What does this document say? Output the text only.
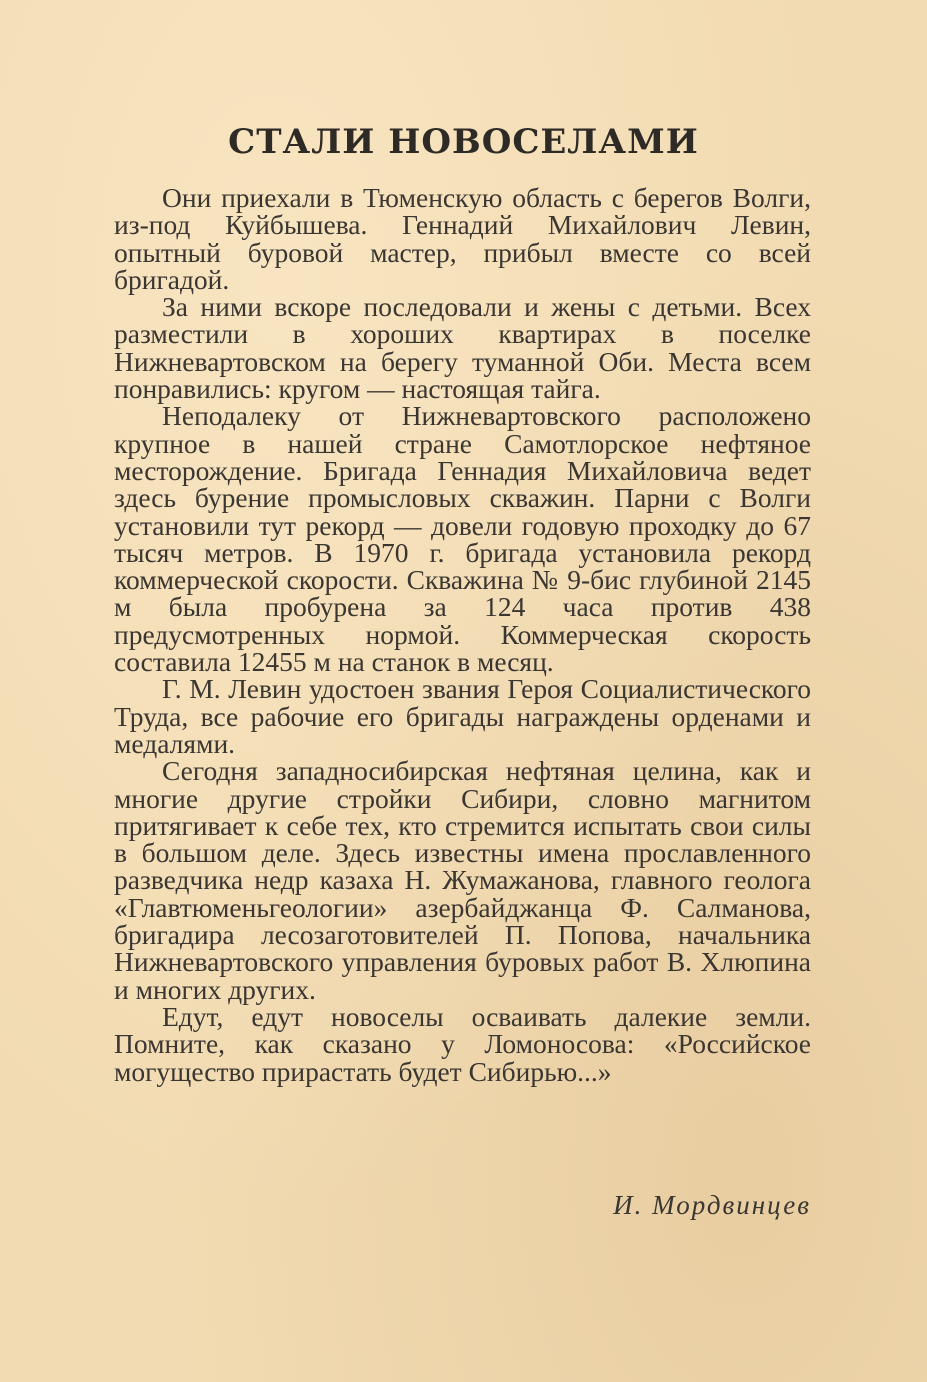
СТАЛИ НОВОСЕЛАМИ

Они приехали в Тюменскую область с берегов Волги, из-под Куйбышева. Геннадий Михайлович Левин, опытный буровой мастер, прибыл вместе со всей бригадой.

За ними вскоре последовали и жены с детьми. Всех разместили в хороших квартирах в поселке Нижневартовском на берегу туманной Оби. Места всем понравились: кругом — настоящая тайга.

Неподалеку от Нижневартовского расположено крупное в нашей стране Самотлорское нефтяное месторождение. Бригада Геннадия Михайловича ведет здесь бурение промысловых скважин. Парни с Волги установили тут рекорд — довели годовую проходку до 67 тысяч метров. В 1970 г. бригада установила рекорд коммерческой скорости. Скважина № 9-бис глубиной 2145 м была пробурена за 124 часа против 438 предусмотренных нормой. Коммерческая скорость составила 12455 м на станок в месяц.

Г. М. Левин удостоен звания Героя Социалистического Труда, все рабочие его бригады награждены орденами и медалями.

Сегодня западносибирская нефтяная целина, как и многие другие стройки Сибири, словно магнитом притягивает к себе тех, кто стремится испытать свои силы в большом деле. Здесь известны имена прославленного разведчика недр казаха Н. Жумажанова, главного геолога «Главтюменьгеологии» азербайджанца Ф. Салманова, бригадира лесозаготовителей П. Попова, начальника Нижневартовского управления буровых работ В. Хлюпина и многих других.

Едут, едут новоселы осваивать далекие земли. Помните, как сказано у Ломоносова: «Российское могущество прирастать будет Сибирью...»

И. Мордвинцев
